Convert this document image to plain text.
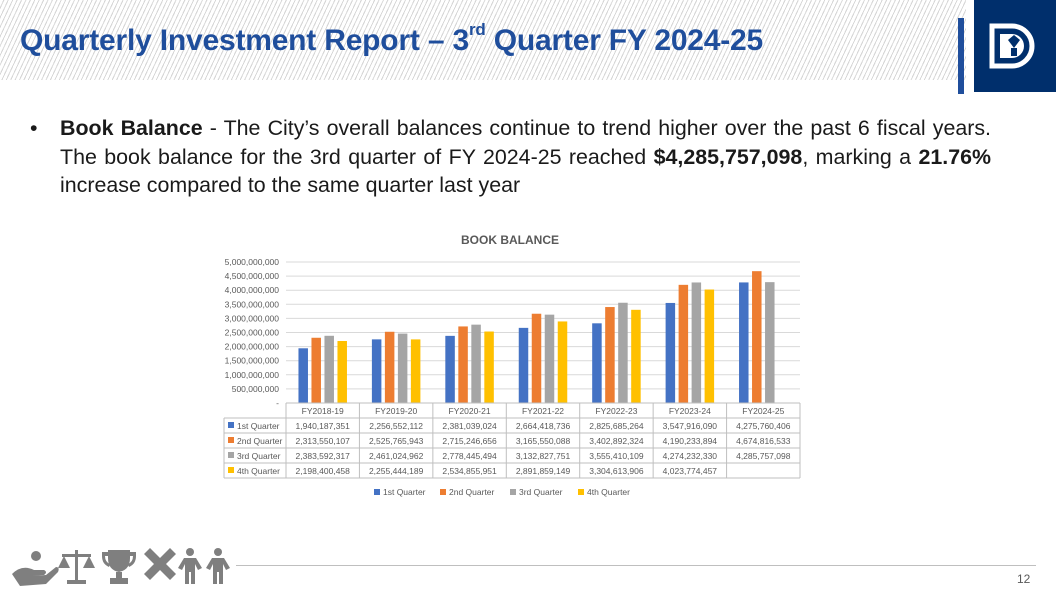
Quarterly Investment Report – 3rd Quarter FY 2024-25
• Book Balance - The City’s overall balances continue to trend higher over the past 6 fiscal years. The book balance for the 3rd quarter of FY 2024-25 reached $4,285,757,098, marking a 21.76% increase compared to the same quarter last year
BOOK BALANCE
-
500,000,000
1,000,000,000
1,500,000,000
2,000,000,000
2,500,000,000
3,000,000,000
3,500,000,000
4,000,000,000
4,500,000,000
5,000,000,000
FY2018-19	FY2019-20	FY2020-21	FY2021-22	FY2022-23	FY2023-24	FY2024-25
1st Quarter 1,940,187,351 2,256,552,112 2,381,039,024 2,664,418,736 2,825,685,264 3,547,916,090 4,275,760,406
2nd Quarter 2,313,550,107 2,525,765,943 2,715,246,656 3,165,550,088 3,402,892,324 4,190,233,894 4,674,816,533
3rd Quarter 2,383,592,317 2,461,024,962 2,778,445,494 3,132,827,751 3,555,410,109 4,274,232,330 4,285,757,098
4th Quarter 2,198,400,458 2,255,444,189 2,534,855,951 2,891,859,149 3,304,613,906 4,023,774,457
1st Quarter	2nd Quarter	3rd Quarter	4th Quarter
12
